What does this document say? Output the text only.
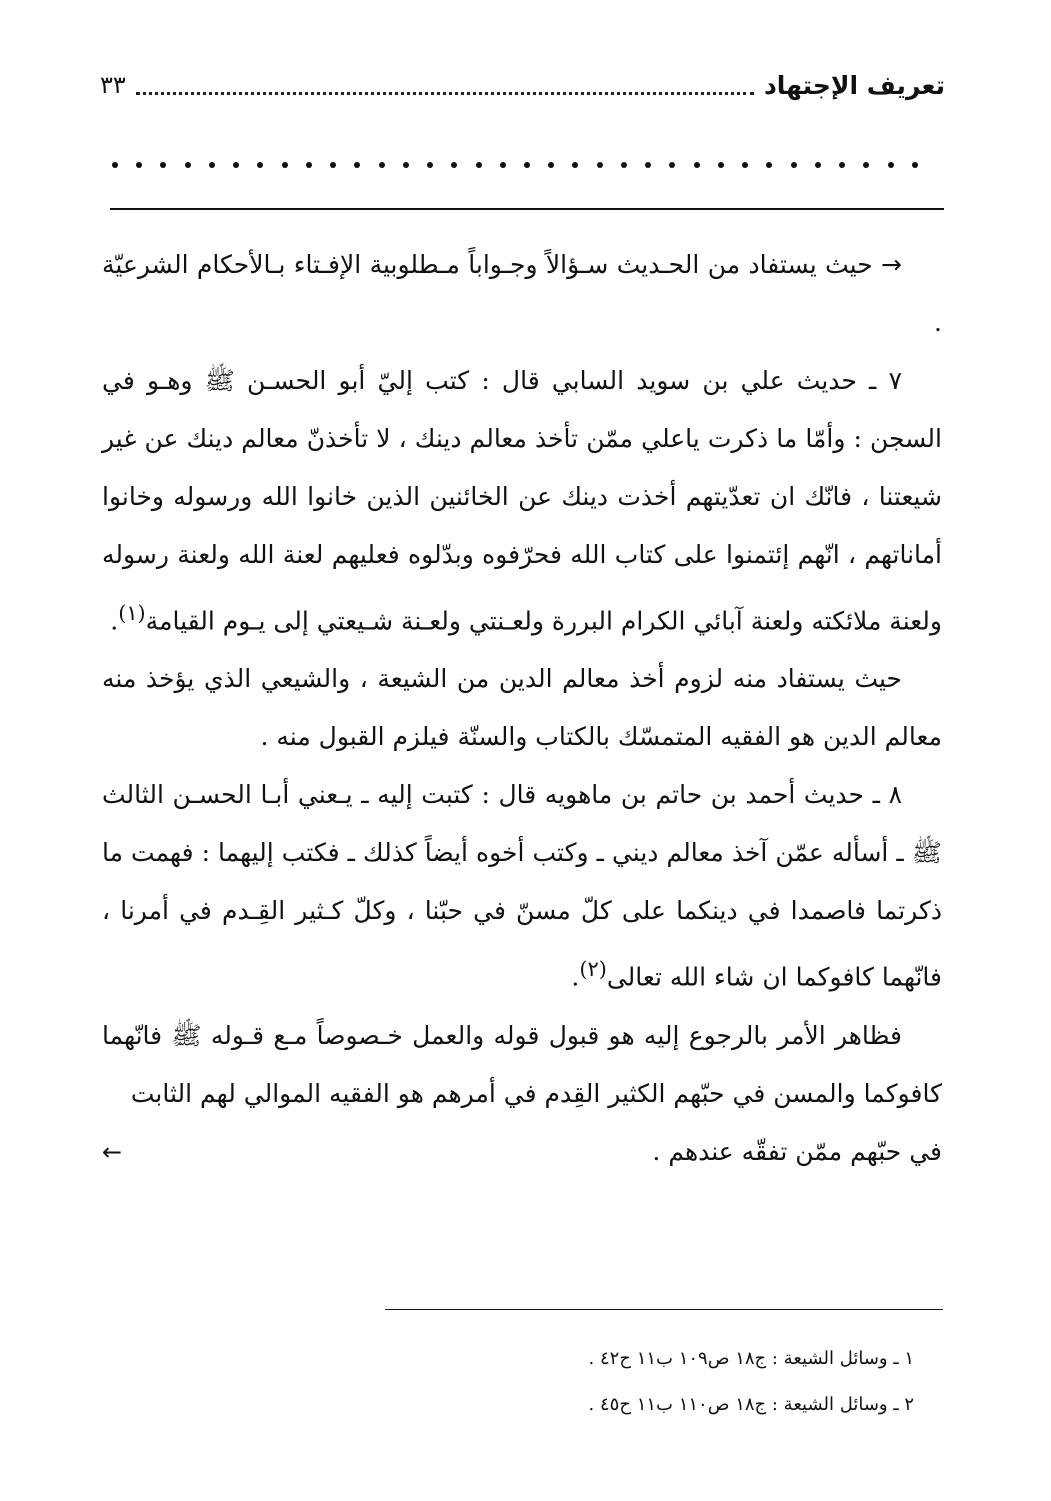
تعريف الإجتهاد
٣٣

→ حيث يستفاد من الحـديث سـؤالاً وجـواباً مـطلوبية الإفـتاء بـالأحكام الشرعيّة .

٧ ـ حديث علي بن سويد السابي قال : كتب إليّ أبو الحسـن ﷺ وهـو في السجن : وأمّا ما ذكرت ياعلي ممّن تأخذ معالم دينك ، لا تأخذنّ معالم دينك عن غير شيعتنا ، فانّك ان تعدّيتهم أخذت دينك عن الخائنين الذين خانوا الله ورسوله وخانوا أماناتهم ، انّهم إئتمنوا على كتاب الله فحرّفوه وبدّلوه فعليهم لعنة الله ولعنة رسوله ولعنة ملائكته ولعنة آبائي الكرام البررة ولعـنتي ولعـنة شـيعتي إلى يـوم القيامة$^{(١)}$.

حيث يستفاد منه لزوم أخذ معالم الدين من الشيعة ، والشيعي الذي يؤخذ منه معالم الدين هو الفقيه المتمسّك بالكتاب والسنّة فيلزم القبول منه .

٨ ـ حديث أحمد بن حاتم بن ماهويه قال : كتبت إليه ـ يـعني أبـا الحسـن الثالث ﷺ ـ أسأله عمّن آخذ معالم ديني ـ وكتب أخوه أيضاً كذلك ـ فكتب إليهما : فهمت ما ذكرتما فاصمدا في دينكما على كلّ مسنّ في حبّنا ، وكلّ كـثير القِـدم في أمرنا ، فانّهما كافوكما ان شاء الله تعالى$^{(٢)}$.

فظاهر الأمر بالرجوع إليه هو قبول قوله والعمل خـصوصاً مـع قـوله ﷺ فانّهما كافوكما والمسن في حبّهم الكثير القِدم في أمرهم هو الفقيه الموالي لهم الثابت

في حبّهم ممّن تفقّه عندهم .
←

١ ـ وسائل الشيعة : ج١٨ ص١٠٩ ب١١ ح٤٢ .

٢ ـ وسائل الشيعة : ج١٨ ص١١٠ ب١١ ح٤٥ .
